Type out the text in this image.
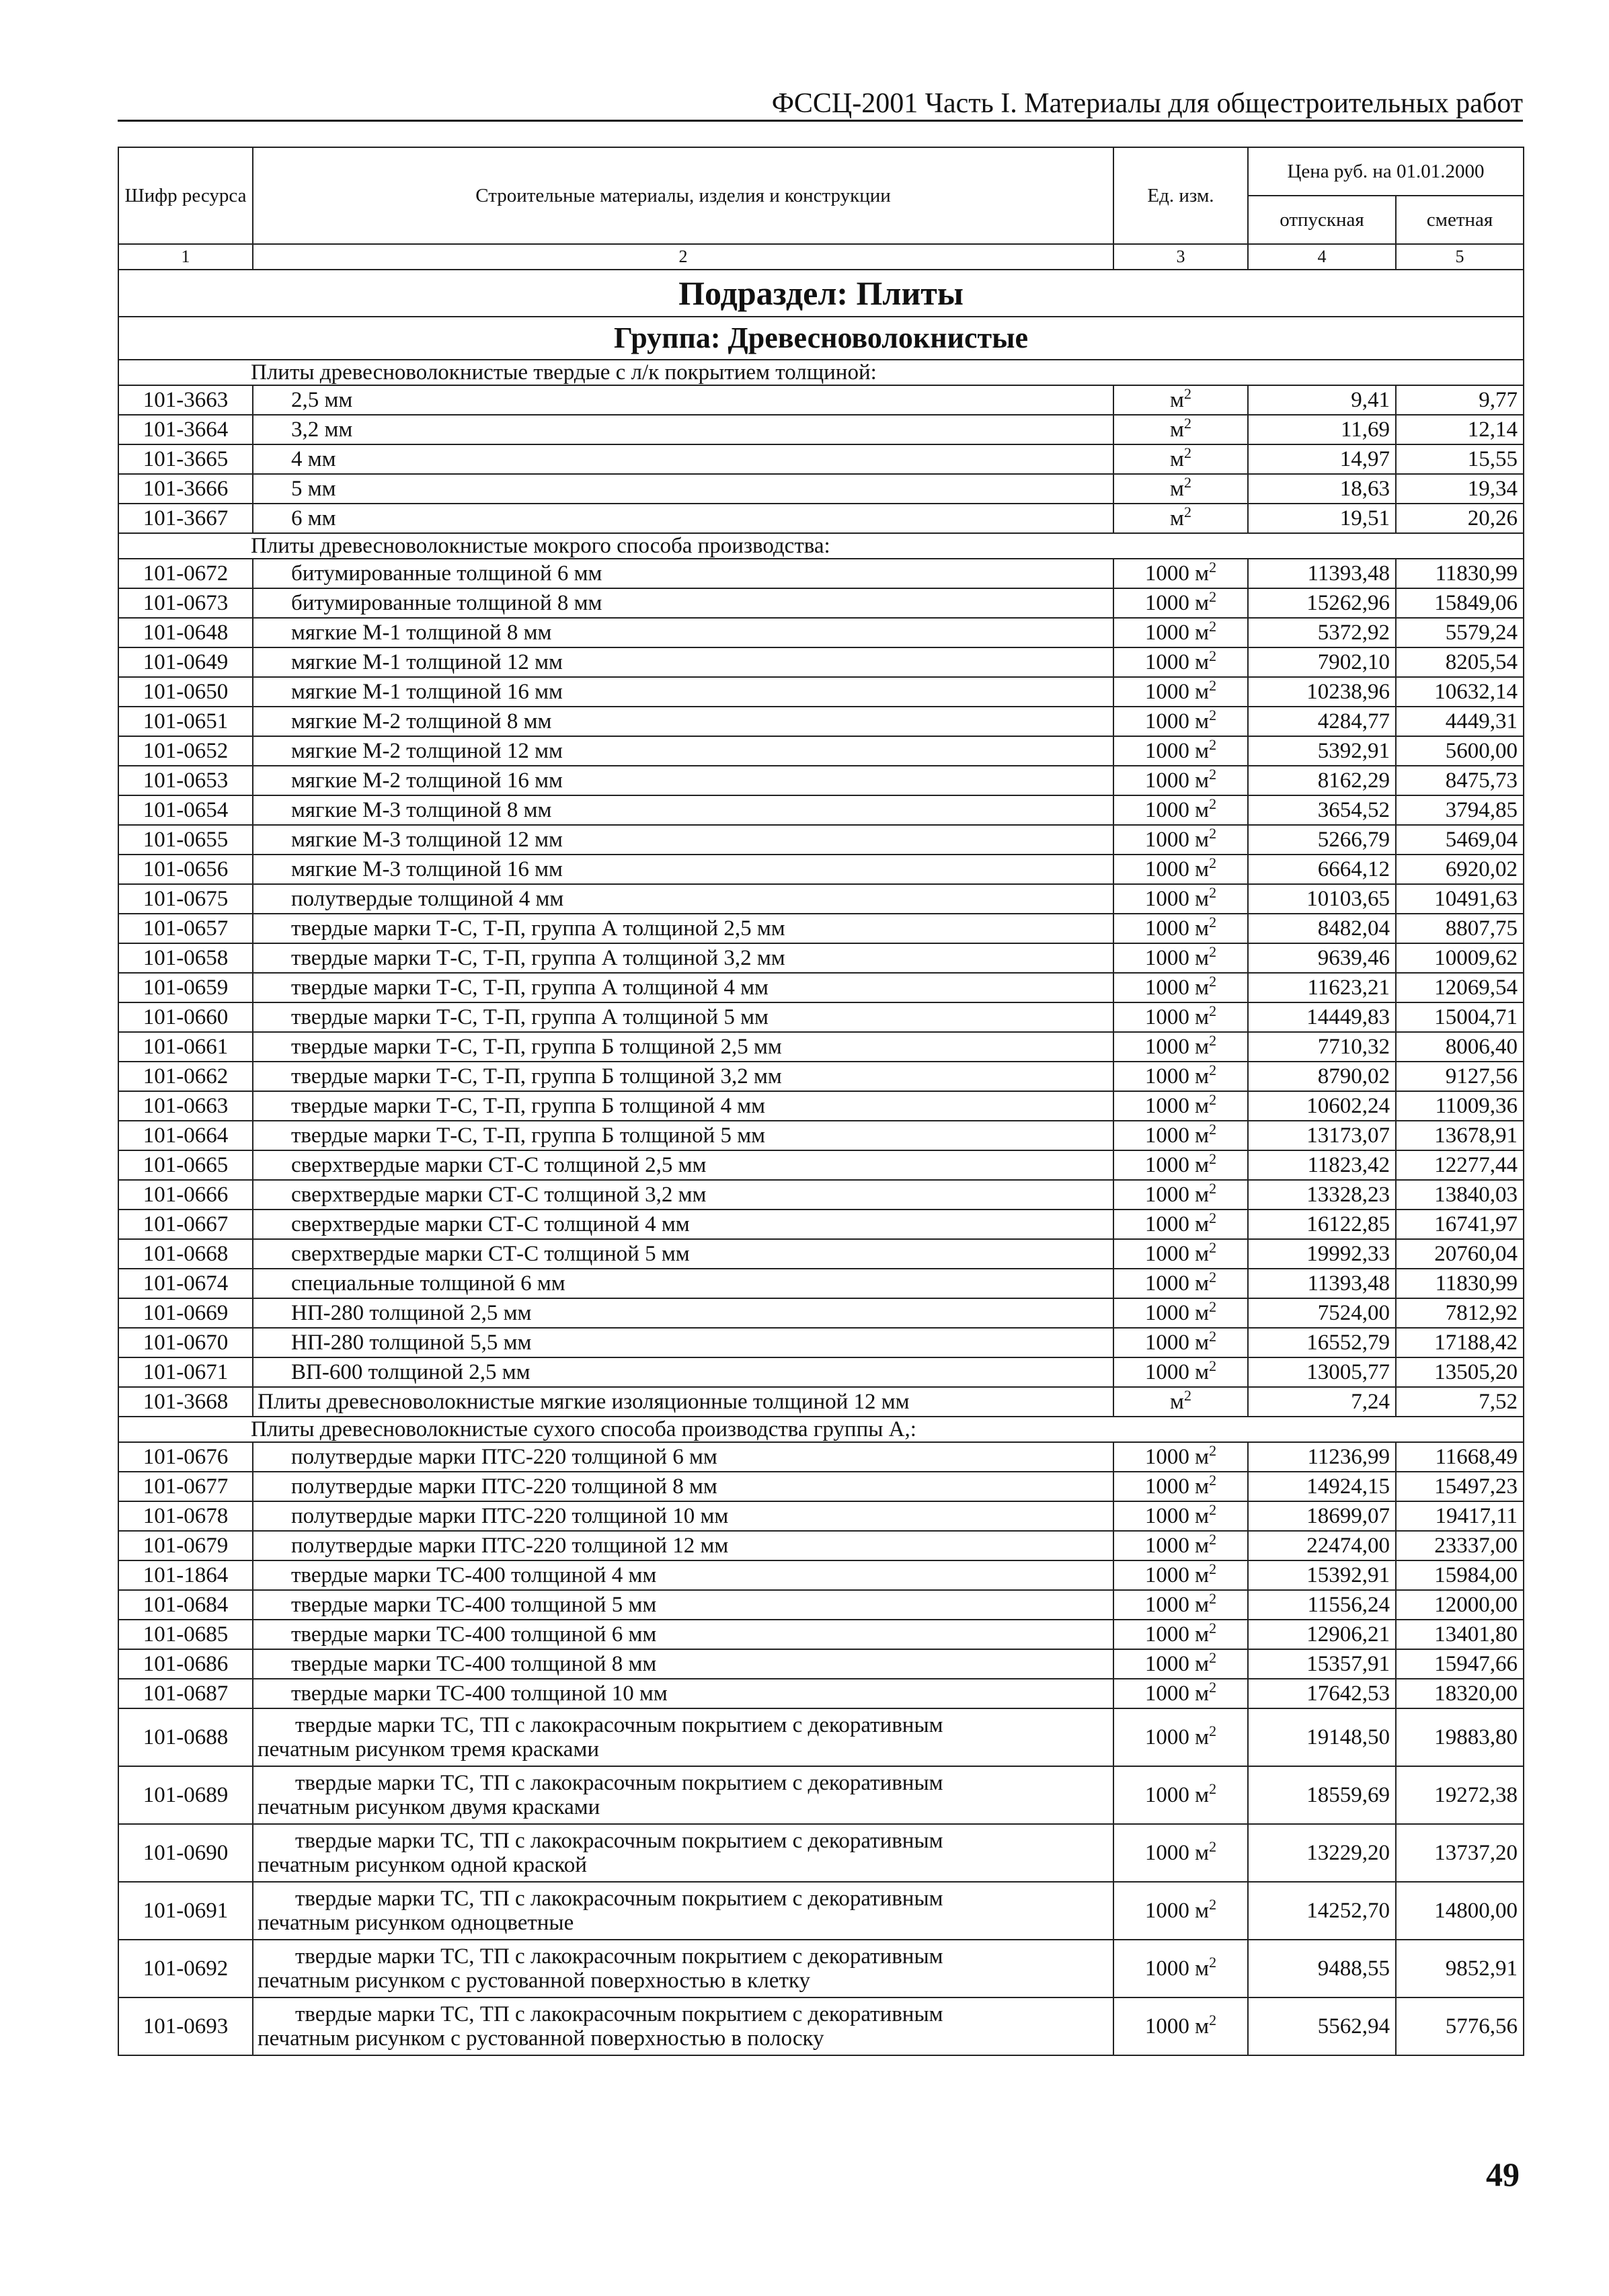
ФССЦ-2001 Часть I. Материалы для общестроительных работ
Шифр ресурса	Строительные материалы, изделия и конструкции	Ед. изм.	Цена руб. на 01.01.2000	
			отпускная	сметная
1	2	3	4	5
Подраздел: Плиты				
Группа: Древесноволокнистые				
Плиты древесноволокнистые твердые с л/к покрытием толщиной:				
101-3663	2,5 мм	$м^2$	9,41	9,77
101-3664	3,2 мм	$м^2$	11,69	12,14
101-3665	4 мм	$м^2$	14,97	15,55
101-3666	5 мм	$м^2$	18,63	19,34
101-3667	6 мм	$м^2$	19,51	20,26
Плиты древесноволокнистые мокрого способа производства:				
101-0672	битумированные толщиной 6 мм	1000 $м^2$	11393,48	11830,99
101-0673	битумированные толщиной 8 мм	1000 $м^2$	15262,96	15849,06
101-0648	мягкие М-1 толщиной 8 мм	1000 $м^2$	5372,92	5579,24
101-0649	мягкие М-1 толщиной 12 мм	1000 $м^2$	7902,10	8205,54
101-0650	мягкие М-1 толщиной 16 мм	1000 $м^2$	10238,96	10632,14
101-0651	мягкие М-2 толщиной 8 мм	1000 $м^2$	4284,77	4449,31
101-0652	мягкие М-2 толщиной 12 мм	1000 $м^2$	5392,91	5600,00
101-0653	мягкие М-2 толщиной 16 мм	1000 $м^2$	8162,29	8475,73
101-0654	мягкие М-3 толщиной 8 мм	1000 $м^2$	3654,52	3794,85
101-0655	мягкие М-3 толщиной 12 мм	1000 $м^2$	5266,79	5469,04
101-0656	мягкие М-3 толщиной 16 мм	1000 $м^2$	6664,12	6920,02
101-0675	полутвердые толщиной 4 мм	1000 $м^2$	10103,65	10491,63
101-0657	твердые марки Т-С, Т-П, группа А толщиной 2,5 мм	1000 $м^2$	8482,04	8807,75
101-0658	твердые марки Т-С, Т-П, группа А толщиной 3,2 мм	1000 $м^2$	9639,46	10009,62
101-0659	твердые марки Т-С, Т-П, группа А толщиной 4 мм	1000 $м^2$	11623,21	12069,54
101-0660	твердые марки Т-С, Т-П, группа А толщиной 5 мм	1000 $м^2$	14449,83	15004,71
101-0661	твердые марки Т-С, Т-П, группа Б толщиной 2,5 мм	1000 $м^2$	7710,32	8006,40
101-0662	твердые марки Т-С, Т-П, группа Б толщиной 3,2 мм	1000 $м^2$	8790,02	9127,56
101-0663	твердые марки Т-С, Т-П, группа Б толщиной 4 мм	1000 $м^2$	10602,24	11009,36
101-0664	твердые марки Т-С, Т-П, группа Б толщиной 5 мм	1000 $м^2$	13173,07	13678,91
101-0665	сверхтвердые марки СТ-С толщиной 2,5 мм	1000 $м^2$	11823,42	12277,44
101-0666	сверхтвердые марки СТ-С толщиной 3,2 мм	1000 $м^2$	13328,23	13840,03
101-0667	сверхтвердые марки СТ-С толщиной 4 мм	1000 $м^2$	16122,85	16741,97
101-0668	сверхтвердые марки СТ-С толщиной 5 мм	1000 $м^2$	19992,33	20760,04
101-0674	специальные толщиной 6 мм	1000 $м^2$	11393,48	11830,99
101-0669	НП-280 толщиной 2,5 мм	1000 $м^2$	7524,00	7812,92
101-0670	НП-280 толщиной 5,5 мм	1000 $м^2$	16552,79	17188,42
101-0671	ВП-600 толщиной 2,5 мм	1000 $м^2$	13005,77	13505,20
101-3668	Плиты древесноволокнистые мягкие изоляционные толщиной 12 мм	$м^2$	7,24	7,52
Плиты древесноволокнистые сухого способа производства группы А,:				
101-0676	полутвердые марки ПТС-220 толщиной 6 мм	1000 $м^2$	11236,99	11668,49
101-0677	полутвердые марки ПТС-220 толщиной 8 мм	1000 $м^2$	14924,15	15497,23
101-0678	полутвердые марки ПТС-220 толщиной 10 мм	1000 $м^2$	18699,07	19417,11
101-0679	полутвердые марки ПТС-220 толщиной 12 мм	1000 $м^2$	22474,00	23337,00
101-1864	твердые марки ТС-400 толщиной 4 мм	1000 $м^2$	15392,91	15984,00
101-0684	твердые марки ТС-400 толщиной 5 мм	1000 $м^2$	11556,24	12000,00
101-0685	твердые марки ТС-400 толщиной 6 мм	1000 $м^2$	12906,21	13401,80
101-0686	твердые марки ТС-400 толщиной 8 мм	1000 $м^2$	15357,91	15947,66
101-0687	твердые марки ТС-400 толщиной 10 мм	1000 $м^2$	17642,53	18320,00
101-0688	твердые марки ТС, ТП с лакокрасочным покрытием с декоративным
печатным рисунком тремя красками	1000 $м^2$	19148,50	19883,80
101-0689	твердые марки ТС, ТП с лакокрасочным покрытием с декоративным
печатным рисунком двумя красками	1000 $м^2$	18559,69	19272,38
101-0690	твердые марки ТС, ТП с лакокрасочным покрытием с декоративным
печатным рисунком одной краской	1000 $м^2$	13229,20	13737,20
101-0691	твердые марки ТС, ТП с лакокрасочным покрытием с декоративным
печатным рисунком одноцветные	1000 $м^2$	14252,70	14800,00
101-0692	твердые марки ТС, ТП с лакокрасочным покрытием с декоративным
печатным рисунком с рустованной поверхностью в клетку	1000 $м^2$	9488,55	9852,91
101-0693	твердые марки ТС, ТП с лакокрасочным покрытием с декоративным
печатным рисунком с рустованной поверхностью в полоску	1000 $м^2$	5562,94	5776,56
49
